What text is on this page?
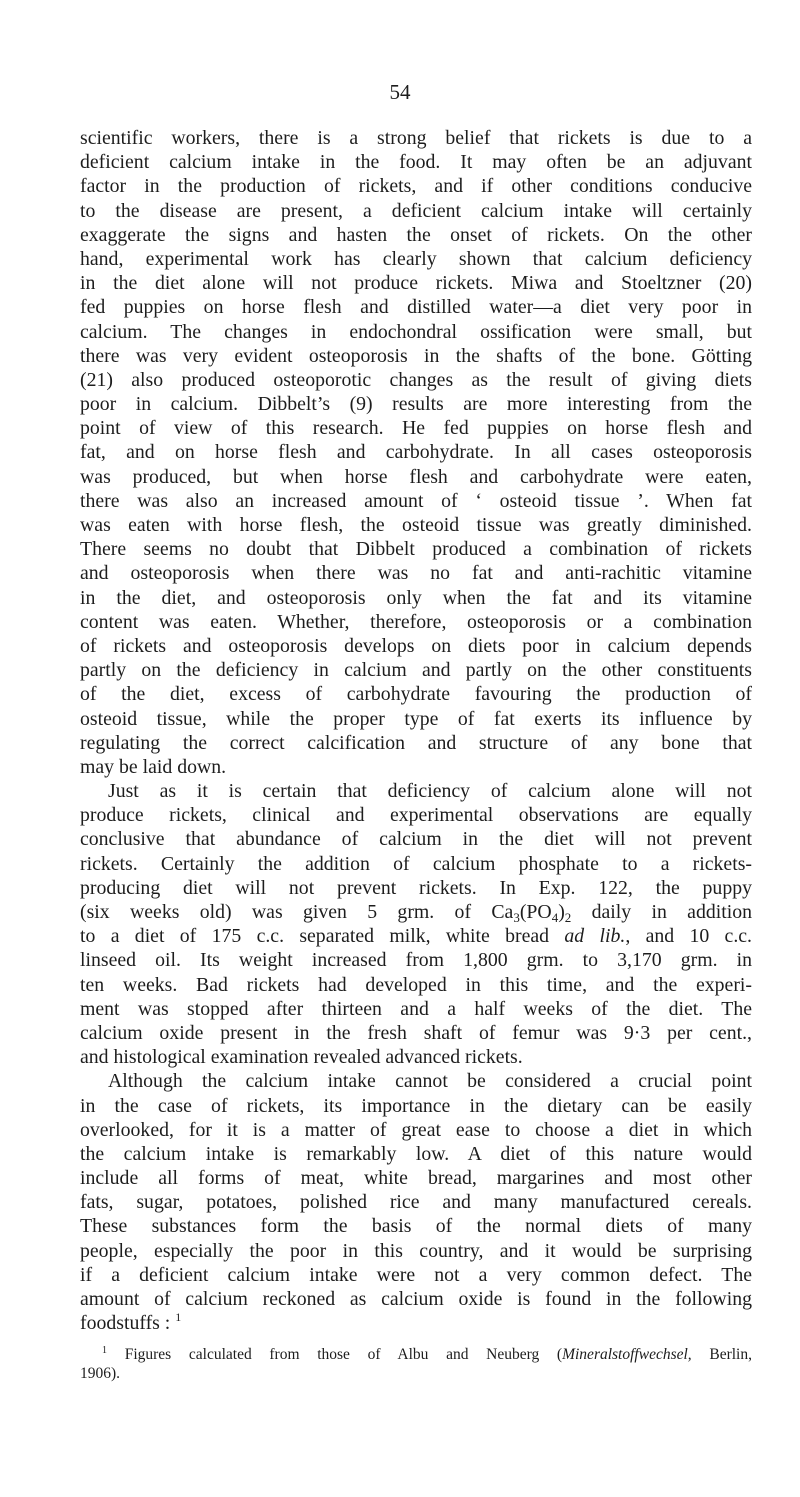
54
scientific workers, there is a strong belief that rickets is due to a
deficient calcium intake in the food. It may often be an adjuvant
factor in the production of rickets, and if other conditions conducive
to the disease are present, a deficient calcium intake will certainly
exaggerate the signs and hasten the onset of rickets. On the other
hand, experimental work has clearly shown that calcium deficiency
in the diet alone will not produce rickets. Miwa and Stoeltzner (20)
fed puppies on horse flesh and distilled water—a diet very poor in
calcium. The changes in endochondral ossification were small, but
there was very evident osteoporosis in the shafts of the bone. Götting
(21) also produced osteoporotic changes as the result of giving diets
poor in calcium. Dibbelt’s (9) results are more interesting from the
point of view of this research. He fed puppies on horse flesh and
fat, and on horse flesh and carbohydrate. In all cases osteoporosis
was produced, but when horse flesh and carbohydrate were eaten,
there was also an increased amount of ‘ osteoid tissue ’. When fat
was eaten with horse flesh, the osteoid tissue was greatly diminished.
There seems no doubt that Dibbelt produced a combination of rickets
and osteoporosis when there was no fat and anti-rachitic vitamine
in the diet, and osteoporosis only when the fat and its vitamine
content was eaten. Whether, therefore, osteoporosis or a combination
of rickets and osteoporosis develops on diets poor in calcium depends
partly on the deficiency in calcium and partly on the other constituents
of the diet, excess of carbohydrate favouring the production of
osteoid tissue, while the proper type of fat exerts its influence by
regulating the correct calcification and structure of any bone that
may be laid down.
Just as it is certain that deficiency of calcium alone will not
produce rickets, clinical and experimental observations are equally
conclusive that abundance of calcium in the diet will not prevent
rickets. Certainly the addition of calcium phosphate to a rickets-
producing diet will not prevent rickets. In Exp. 122, the puppy
(six weeks old) was given 5 grm. of $Ca_3(PO_4)_2$ daily in addition
to a diet of 175 c.c. separated milk, white bread ad lib., and 10 c.c.
linseed oil. Its weight increased from 1,800 grm. to 3,170 grm. in
ten weeks. Bad rickets had developed in this time, and the experi-
ment was stopped after thirteen and a half weeks of the diet. The
calcium oxide present in the fresh shaft of femur was 9·3 per cent.,
and histological examination revealed advanced rickets.
Although the calcium intake cannot be considered a crucial point
in the case of rickets, its importance in the dietary can be easily
overlooked, for it is a matter of great ease to choose a diet in which
the calcium intake is remarkably low. A diet of this nature would
include all forms of meat, white bread, margarines and most other
fats, sugar, potatoes, polished rice and many manufactured cereals.
These substances form the basis of the normal diets of many
people, especially the poor in this country, and it would be surprising
if a deficient calcium intake were not a very common defect. The
amount of calcium reckoned as calcium oxide is found in the following
foodstuffs : $^1$
$^1$ Figures calculated from those of Albu and Neuberg (Mineralstoffwechsel, Berlin,
1906).
